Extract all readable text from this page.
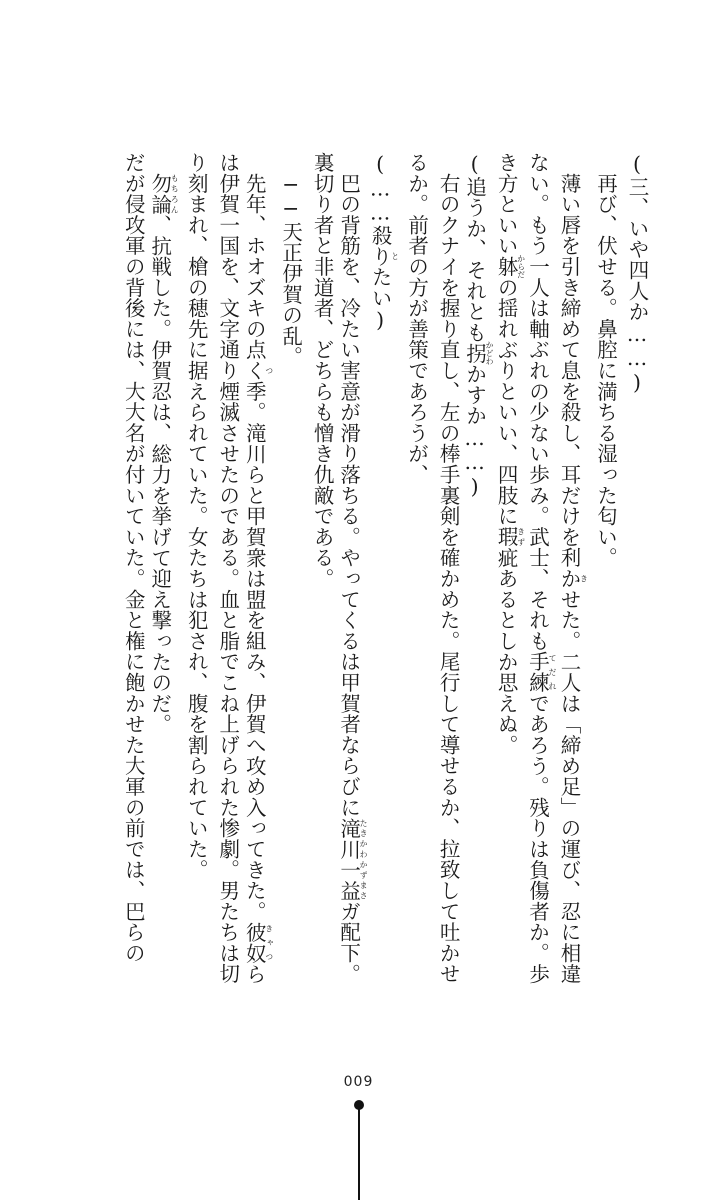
(三、いや四人か……)
　再び、伏せる。鼻腔に満ちる湿った匂い。
　薄い唇を引き締めて息を殺し、耳だけを利かきせた。二人は「締め足」の運び、忍に相違
ない。もう一人は軸ぶれの少ない歩み。武士、それも手練てだれであろう。残りは負傷者か。歩
き方といい躰からだの揺れぶりといい、四肢に瑕きず疵あるとしか思えぬ。
(追うか、それとも拐かどわかすか……)
　右のクナイを握り直し、左の棒手裏剣を確かめた。尾行して導せるか、拉致して吐かせ
るか。前者の方が善策であろうが、
(……殺りとたい)
　巴の背筋を、冷たい害意が滑り落ちる。やってくるは甲賀者ならびに滝川一益たきかわかずまさガ配下。
裏切り者と非道者、どちらも憎き仇敵である。
　──天正伊賀の乱。
　先年、ホオズキの点くつ季。滝川らと甲賀衆は盟を組み、伊賀へ攻め入ってきた。彼奴きゃつら
は伊賀一国を、文字通り煙滅させたのである。血と脂でこね上げられた惨劇。男たちは切
り刻まれ、槍の穂先に据えられていた。女たちは犯され、腹を割られていた。
　勿論もちろん、抗戦した。伊賀忍は、総力を挙げて迎え撃ったのだ。
だが侵攻軍の背後には、大大名が付いていた。金と権に飽かせた大軍の前では、巴らの
009
